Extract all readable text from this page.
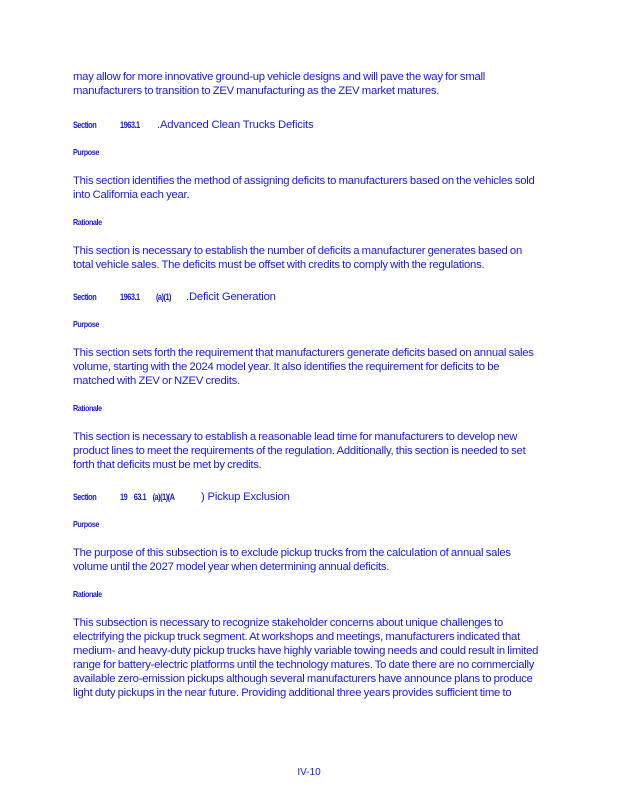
may allow for more innovative ground-up vehicle designs and will pave the way for small manufacturers to transition to ZEV manufacturing as the ZEV market matures.

Section	1963.1	.Advanced Clean Trucks Deficits
Purpose

This section identifies the method of assigning deficits to manufacturers based on the vehicles sold into California each year.

Rationale

This section is necessary to establish the number of deficits a manufacturer generates based on total vehicle sales. The deficits must be offset with credits to comply with the regulations.

Section	1963.1 (a)(1) .Deficit Generation
Purpose

This section sets forth the requirement that manufacturers generate deficits based on annual sales volume, starting with the 2024 model year. It also identifies the requirement for deficits to be matched with ZEV or NZEV credits.

Rationale

This section is necessary to establish a reasonable lead time for manufacturers to develop new product lines to meet the requirements of the regulation. Additionally, this section is needed to set forth that deficits must be met by credits.

Section	19 63.1 (a)(1)(A	) Pickup Exclusion
Purpose

The purpose of this subsection is to exclude pickup trucks from the calculation of annual sales volume until the 2027 model year when determining annual deficits.

Rationale

This subsection is necessary to recognize stakeholder concerns about unique challenges to electrifying the pickup truck segment. At workshops and meetings, manufacturers indicated that medium- and heavy-duty pickup trucks have highly variable towing needs and could result in limited range for battery-electric platforms until the technology matures. To date there are no commercially available zero-emission pickups although several manufacturers have announce plans to produce light duty pickups in the near future. Providing additional three years provides sufficient time to

IV-10
